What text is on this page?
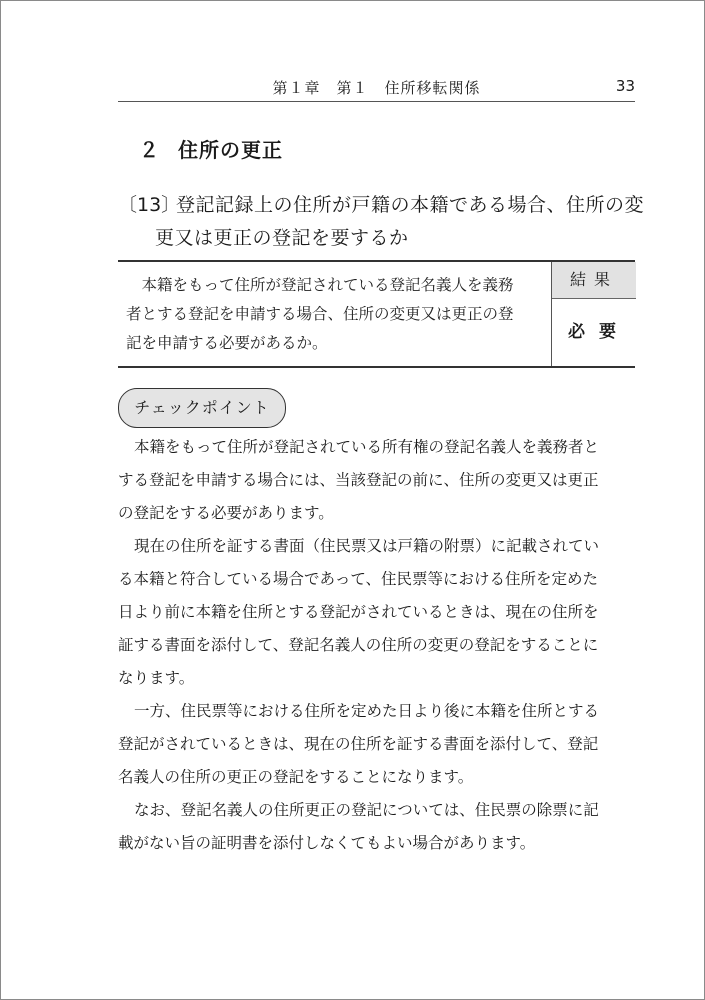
第１章　第１　住所移転関係	33
２ 住所の更正
〔13〕
登記記録上の住所が戸籍の本籍である場合、住所の変
更又は更正の登記を要するか
　本籍をもって住所が登記されている登記名義人を義務
者とする登記を申請する場合、住所の変更又は更正の登
記を申請する必要があるか。
結果
必要
チェックポイント
本籍をもって住所が登記されている所有権の登記名義人を義務者と
する登記を申請する場合には、当該登記の前に、住所の変更又は更正
の登記をする必要があります。
現在の住所を証する書面（住民票又は戸籍の附票）に記載されてい
る本籍と符合している場合であって、住民票等における住所を定めた
日より前に本籍を住所とする登記がされているときは、現在の住所を
証する書面を添付して、登記名義人の住所の変更の登記をすることに
なります。
一方、住民票等における住所を定めた日より後に本籍を住所とする
登記がされているときは、現在の住所を証する書面を添付して、登記
名義人の住所の更正の登記をすることになります。
なお、登記名義人の住所更正の登記については、住民票の除票に記
載がない旨の証明書を添付しなくてもよい場合があります。
